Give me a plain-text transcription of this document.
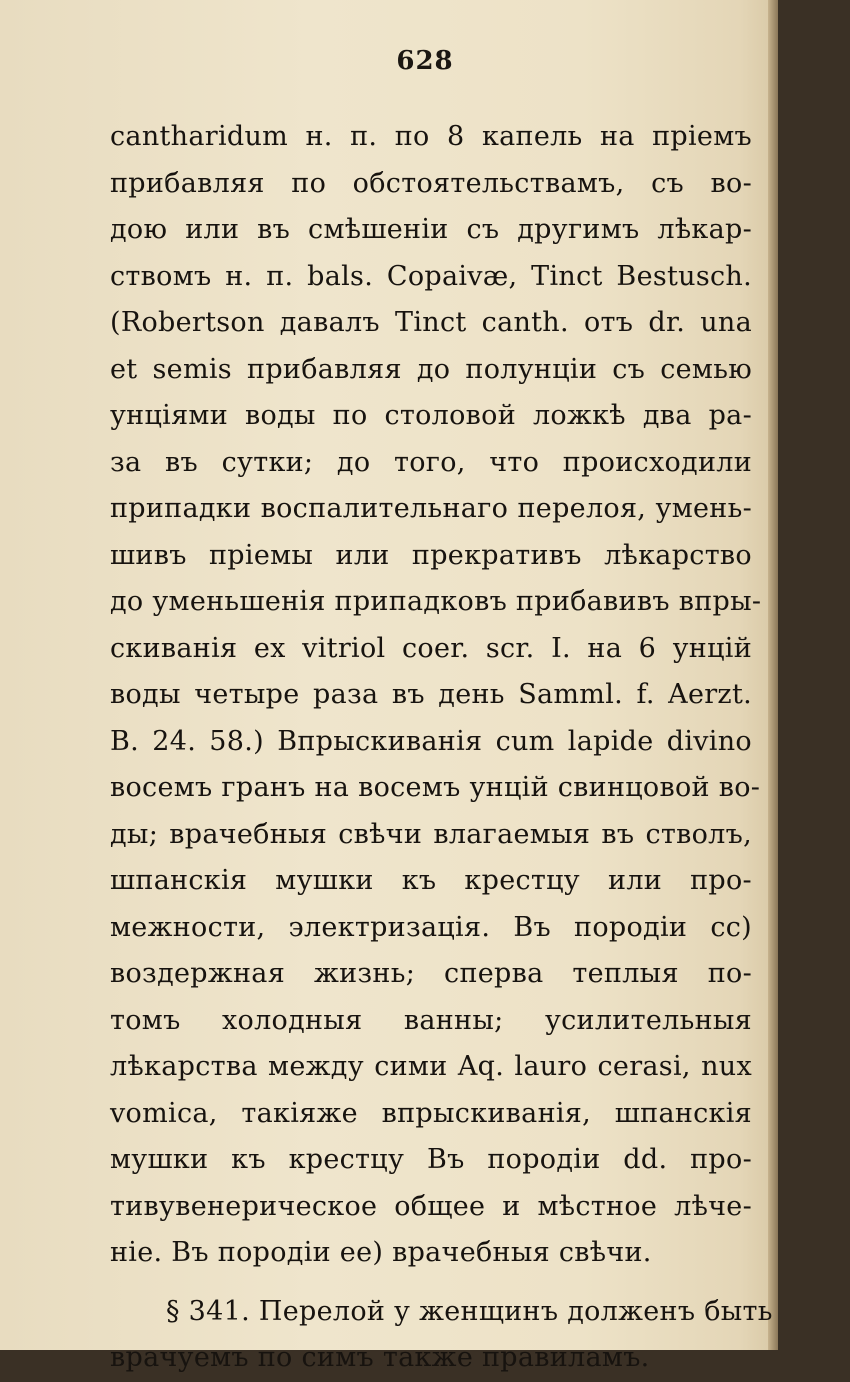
628
cantharidum н. п. по 8 капель на пріемъ
прибавляя по обстоятельствамъ, съ во-
дою или въ смѣшеніи съ другимъ лѣкар-
ствомъ н. п. bals. Copaivæ, Tinct Bestusch.
(Robertson давалъ Tinct canth. отъ dr. una
et semis прибавляя до полунціи съ семью
унціями воды по столовой ложкѣ два ра-
за въ сутки; до того, что происходили
припадки воспалительнаго перелоя, умень-
шивъ пріемы или прекративъ лѣкарство
до уменьшенія припадковъ прибавивъ впры-
скиванія ex vitriol coer. scr. I. на 6 унцій
воды четыре раза въ день Samml. f. Aerzt.
B. 24. 58.) Впрыскиванія cum lapide divino
восемъ гранъ на восемъ унцій свинцовой во-
ды; врачебныя свѣчи влагаемыя въ стволъ,
шпанскія мушки къ крестцу или про-
межности, электризація. Въ породіи cc)
воздержная жизнь; сперва теплыя по-
томъ холодныя ванны; усилительныя
лѣкарства между сими Aq. lauro cerasi, nux
vomica, такіяже впрыскиванія, шпанскія
мушки къ крестцу Въ породіи dd. про-
тивувенерическое общее и мѣстное лѣче-
ніе. Въ породіи ee) врачебныя свѣчи.
§ 341. Перелой у женщинъ долженъ быть
врачуемъ по симъ также правиламъ.
